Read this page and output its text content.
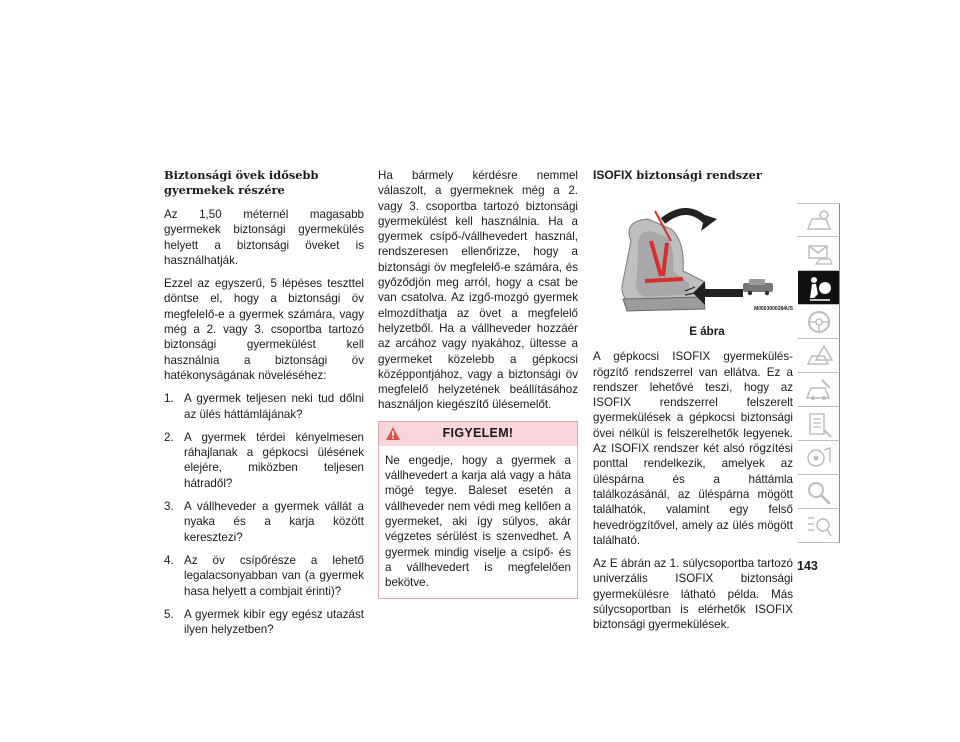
Biztonsági övek idősebb gyermekek részére

Az 1,50 méternél magasabb gyermekek biztonsági gyermekülés helyett a biztonsági öveket is használhatják.

Ezzel az egyszerű, 5 lépéses teszttel döntse el, hogy a biztonsági öv megfelelő-e a gyermek számára, vagy még a 2. vagy 3. csoportba tartozó biztonsági gyermekülést kell használnia a biztonsági öv hatékonyságának növeléséhez:

1. A gyermek teljesen neki tud dőlni az ülés háttámlájának?
2. A gyermek térdei kényelmesen ráhajlanak a gépkocsi ülésének elejére, miközben teljesen hátradől?
3. A vállheveder a gyermek vállát a nyaka és a karja között keresztezi?
4. Az öv csípőrésze a lehető legalacsonyabban van (a gyermek hasa helyett a combjait érinti)?
5. A gyermek kibír egy egész utazást ilyen helyzetben?

Ha bármely kérdésre nemmel válaszolt, a gyermeknek még a 2. vagy 3. csoportba tartozó biztonsági gyermekülést kell használnia. Ha a gyermek csípő-/vállhevedert használ, rendszeresen ellenőrizze, hogy a biztonsági öv megfelelő-e számára, és győződjön meg arról, hogy a csat be van csatolva. Az izgő-mozgó gyermek elmozdíthatja az övet a megfelelő helyzetből. Ha a vállheveder hozzáér az arcához vagy nyakához, ültesse a gyermeket közelebb a gépkocsi középpontjához, vagy a biztonsági öv megfelelő helyzetének beállításához használjon kiegészítő ülésemelőt.

FIGYELEM!

Ne engedje, hogy a gyermek a vállhevedert a karja alá vagy a háta mögé tegye. Baleset esetén a vállheveder nem védi meg kellően a gyermeket, aki így súlyos, akár végzetes sérülést is szenvedhet. A gyermek mindig viselje a csípő- és a vállhevedert is megfelelően bekötve.

ISOFIX biztonsági rendszer
M0503000284US
E ábra

A gépkocsi ISOFIX gyermekülés-rögzítő rendszerrel van ellátva. Ez a rendszer lehetővé teszi, hogy az ISOFIX rendszerrel felszerelt gyermekülések a gépkocsi biztonsági övei nélkül is felszerelhetők legyenek. Az ISOFIX rendszer két alsó rögzítési ponttal rendelkezik, amelyek az üléspárna és a háttámla találkozásánál, az üléspárna mögött találhatók, valamint egy felső hevedrögzítővel, amely az ülés mögött található.

Az E ábrán az 1. súlycsoportba tartozó univerzális ISOFIX biztonsági gyermekülésre látható példa. Más súlycsoportban is elérhetők ISOFIX biztonsági gyermekülések.

143
